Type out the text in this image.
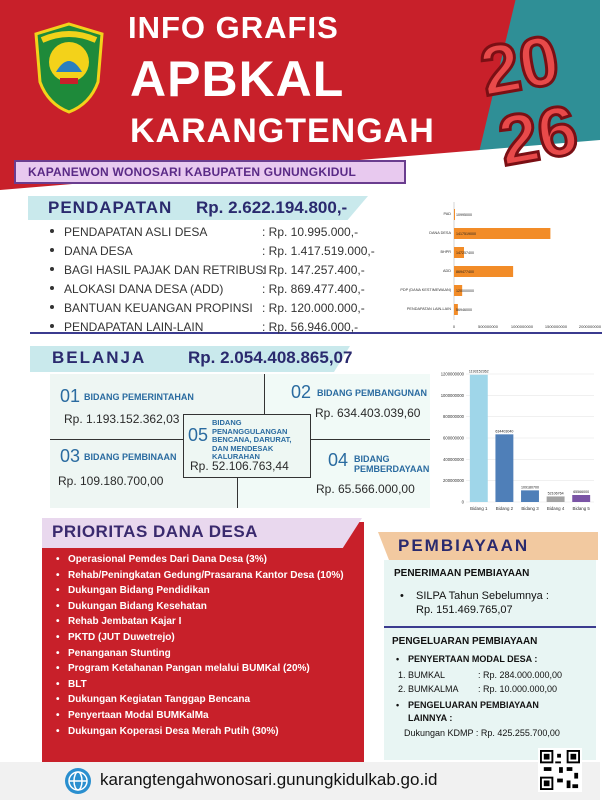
INFO GRAFIS
APBKAL
KARANGTENGAH
20
26
KAPANEWON WONOSARI KABUPATEN GUNUNGKIDUL
PENDAPATAN Rp. 2.622.194.800,-
PENDAPATAN ASLI DESA	: Rp. 10.995.000,-
DANA DESA	: Rp. 1.417.519.000,-
BAGI HASIL PAJAK DAN RETRIBUSI
: Rp. 147.257.400,-
ALOKASI DANA DESA (ADD)	: Rp. 869.477.400,-
BANTUAN KEUANGAN PROPINSI : Rp. 120.000.000,-
PENDAPATAN LAIN-LAIN	: Rp. 56.946.000,-
PAD 10995000
DANA DESA 1417519000
BHPR 147257400
ADD 869477400
PDP (DANA KESTIMEWAAN) 120000000
PENDAPATAN LAIN-LAIN 56946000
0	500000000	1000000000	1500000000	2000000000
BELANJA Rp. 2.054.408.865,07
01 BIDANG PEMERINTAHAN
Rp. 1.193.152.362,03
02 BIDANG PEMBANGUNAN
Rp. 634.403.039,60
03 BIDANG PEMBINAAN
Rp. 109.180.700,00
04 BIDANG PEMBERDAYAAN
Rp. 65.566.000,00
05
BIDANG PENANGGULANGAN BENCANA, DARURAT, DAN MENDESAK KALURAHAN
Rp. 52.106.763,44
0
200000000
400000000
600000000
800000000
1000000000
1200000000 1193152362
Bidang 1
634403040
Bidang 2
109180700
Bidang 3
52106764
Bidang 4
65566000
Bidang 5
PRIORITAS DANA DESA
• Operasional Pemdes Dari Dana Desa (3%)
• Rehab/Peningkatan Gedung/Prasarana Kantor Desa (10%)
• Dukungan Bidang Pendidikan
• Dukungan Bidang Kesehatan
• Rehab Jembatan Kajar I
• PKTD (JUT Duwetrejo)
• Penanganan Stunting
• Program Ketahanan Pangan melalui BUMKal (20%)
• BLT
• Dukungan Kegiatan Tanggap Bencana
• Penyertaan Modal BUMKalMa
• Dukungan Koperasi Desa Merah Putih (30%)
PEMBIAYAAN
PENERIMAAN PEMBIAYAAN
• SILPA Tahun Sebelumnya :
Rp. 151.469.765,07
PENGELUARAN PEMBIAYAAN
• PENYERTAAN MODAL DESA :
1. BUMKAL	: Rp. 284.000.000,00
2. BUMKALMA : Rp. 10.000.000,00
• PENGELUARAN PEMBIAYAAN
LAINNYA :
Dukungan KDMP : Rp. 425.255.700,00
karangtengahwonosari.gunungkidulkab.go.id
